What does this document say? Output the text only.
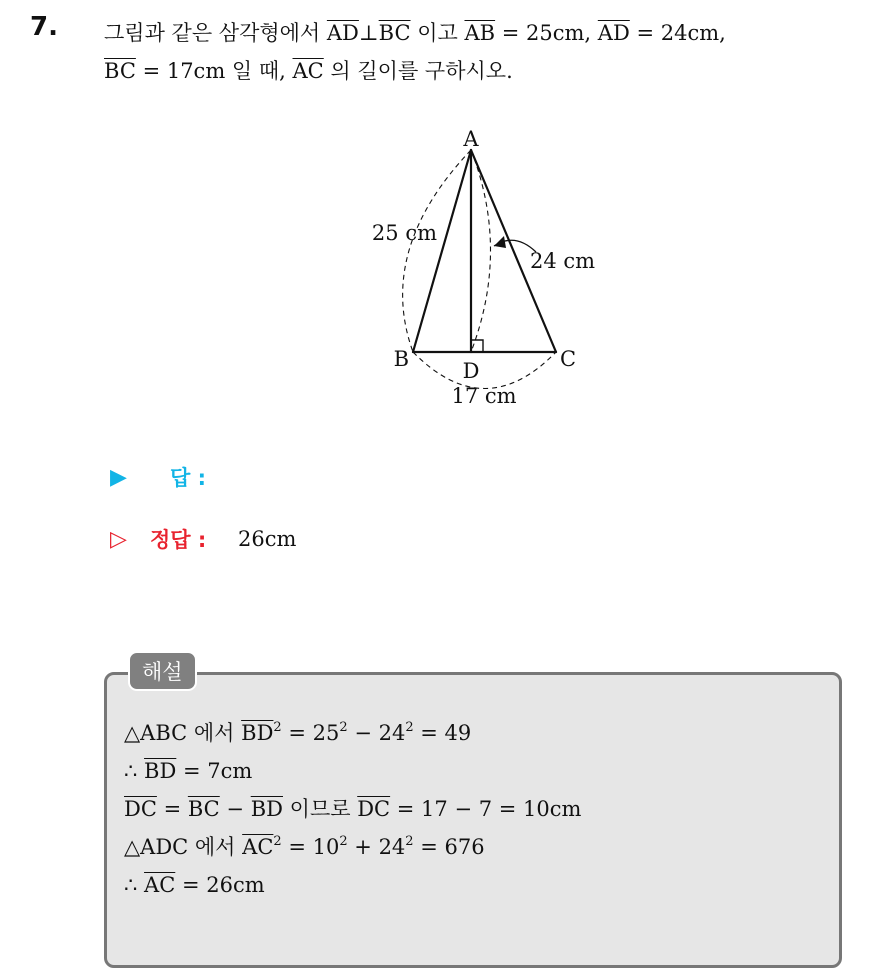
7. 그림과 같은 삼각형에서 $\overline{AD}\perp\overline{BC}$ 이고 $\overline{AB} = 25cm$, $\overline{AD} = 24cm$,
$\overline{BC} = 17cm$ 일 때, $\overline{AC}$ 의 길이를 구하시오.
A
B	C
D
25 cm
24 cm
17 cm
▶	답 :
▷	정답 :	26cm
해설
△ABC 에서 $\overline{BD}^2 = 25^2 - 24^2 = 49$
∴ $\overline{BD} = 7cm$
$\overline{DC} = \overline{BC} - \overline{BD}$ 이므로 $\overline{DC} = 17 - 7 = 10cm$
△ADC 에서 $\overline{AC}^2 = 10^2 + 24^2 = 676$
∴ $\overline{AC} = 26cm$
